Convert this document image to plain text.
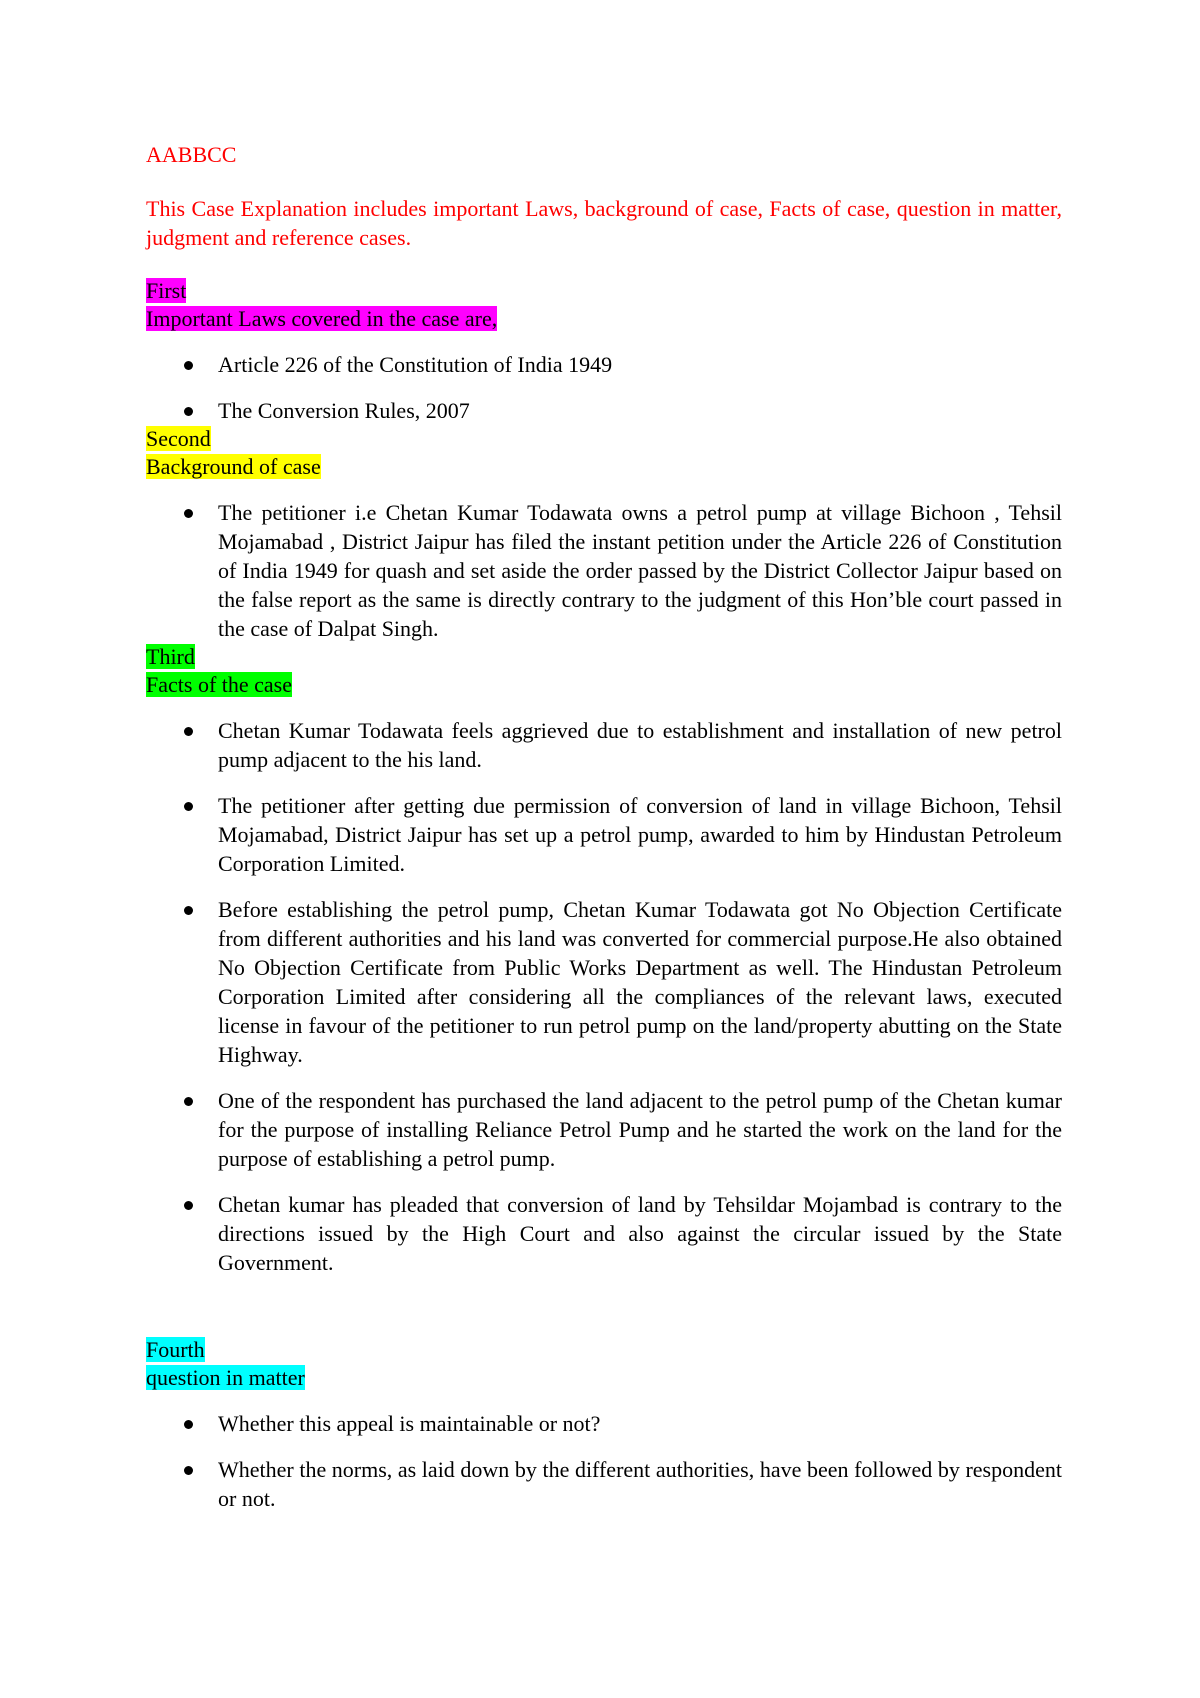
AABBCC

This Case Explanation includes important Laws, background of case, Facts of case, question in matter, judgment and reference cases.

First
Important Laws covered in the case are,
Article 226 of the Constitution of India 1949
The Conversion Rules, 2007
Second
Background of case
The petitioner i.e Chetan Kumar Todawata owns a petrol pump at village Bichoon , Tehsil Mojamabad , District Jaipur has filed the instant petition under the Article 226 of Constitution of India 1949 for quash and set aside the order passed by the District Collector Jaipur based on the false report as the same is directly contrary to the judgment of this Hon’ble court passed in the case of Dalpat Singh.
Third
Facts of the case
Chetan Kumar Todawata feels aggrieved due to establishment and installation of new petrol pump adjacent to the his land.
The petitioner after getting due permission of conversion of land in village Bichoon, Tehsil Mojamabad, District Jaipur has set up a petrol pump, awarded to him by Hindustan Petroleum Corporation Limited.
Before establishing the petrol pump, Chetan Kumar Todawata got No Objection Certificate from different authorities and his land was converted for commercial purpose.He also obtained No Objection Certificate from Public Works Department as well. The Hindustan Petroleum Corporation Limited after considering all the compliances of the relevant laws, executed license in favour of the petitioner to run petrol pump on the land/property abutting on the State Highway.
One of the respondent has purchased the land adjacent to the petrol pump of the Chetan kumar for the purpose of installing Reliance Petrol Pump and he started the work on the land for the purpose of establishing a petrol pump.
Chetan kumar has pleaded that conversion of land by Tehsildar Mojambad is contrary to the directions issued by the High Court and also against the circular issued by the State Government.
Fourth
question in matter
Whether this appeal is maintainable or not?
Whether the norms, as laid down by the different authorities, have been followed by respondent or not.
